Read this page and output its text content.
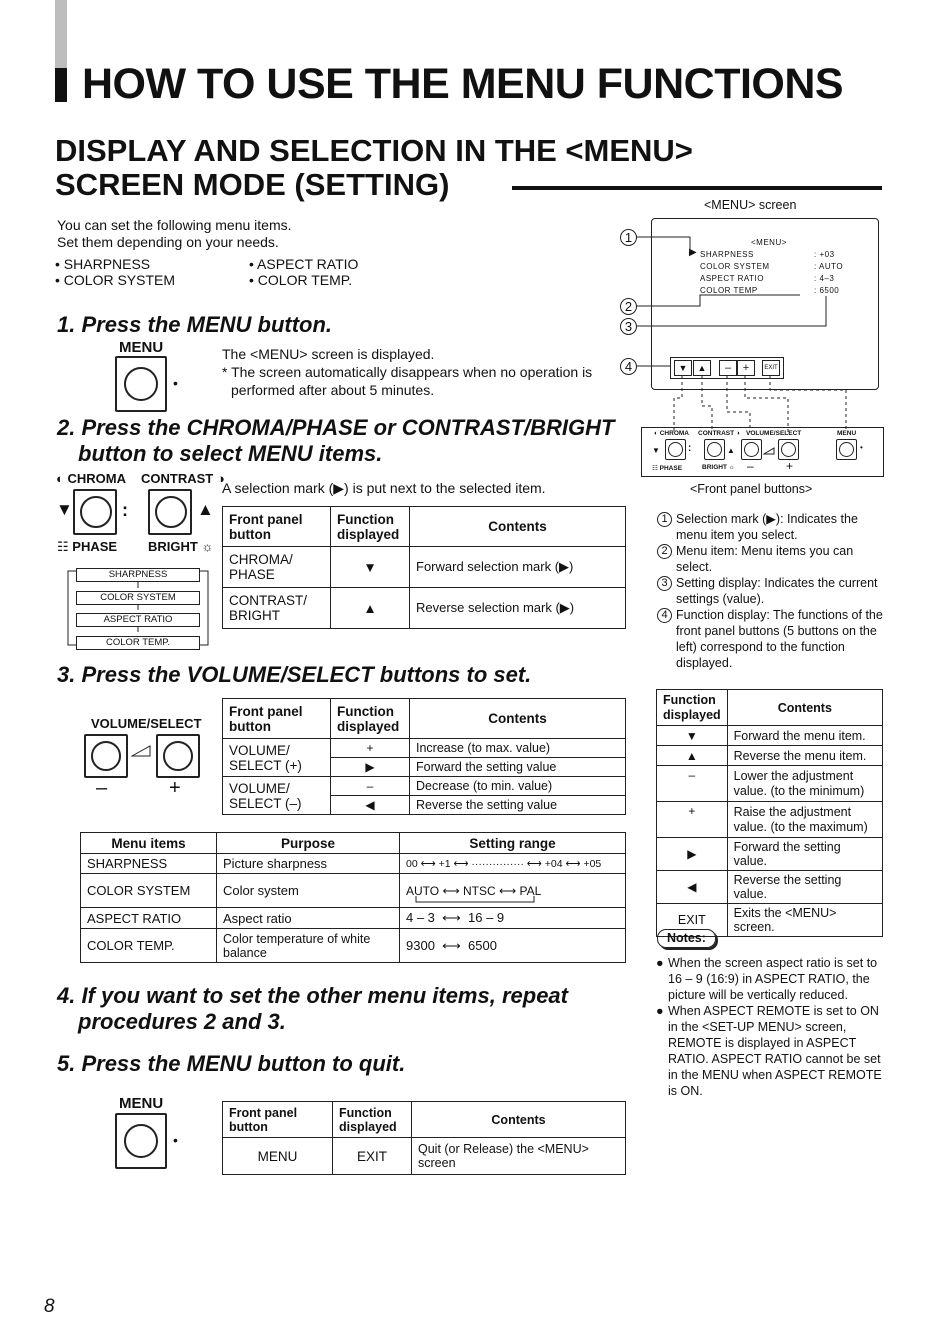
HOW TO USE THE MENU FUNCTIONS
DISPLAY AND SELECTION IN THE <MENU>
SCREEN MODE (SETTING)
You can set the following menu items.
Set them depending on your needs.
• SHARPNESS	• ASPECT RATIO
• COLOR SYSTEM	• COLOR TEMP.
1. Press the MENU button.
MENU
•
The <MENU> screen is displayed.
* The screen automatically disappears when no operation is
performed after about 5 minutes.
2. Press the CHROMA/PHASE or CONTRAST/BRIGHT
button to select MENU items.
◐ CHROMA CONTRAST ◑
▼	:	▲
☷ PHASE BRIGHT ☼
SHARPNESS
COLOR SYSTEM
ASPECT RATIO
COLOR TEMP.
A selection mark (▶) is put next to the selected item.
Front panel button	Function displayed	Contents
CHROMA/ PHASE	▼	Forward selection mark (▶)
CONTRAST/ BRIGHT	▲	Reverse selection mark (▶)
3. Press the VOLUME/SELECT buttons to set.
VOLUME/SELECT
–	+
Front panel button	Function displayed	Contents
VOLUME/ SELECT (+)	+	Increase (to max. value)
	▶	Forward the setting value
VOLUME/ SELECT (–)	–	Decrease (to min. value)
	◀	Reverse the setting value
Menu items	Purpose	Setting range
SHARPNESS	Picture sharpness	00 ⟷ +1 ⟷ ··············· ⟷ +04 ⟷ +05
COLOR SYSTEM	Color system	AUTO ⟷ NTSC ⟷ PAL

ASPECT RATIO	Aspect ratio	4 – 3  ⟷  16 – 9
COLOR TEMP.	Color temperature of white balance	9300  ⟷  6500
4. If you want to set the other menu items, repeat
procedures 2 and 3.
5. Press the MENU button to quit.
MENU
•
Front panel button	Function displayed	Contents
MENU	EXIT	Quit (or Release) the <MENU> screen
<MENU> screen
<MENU>
▶ SHARPNESS	: +03
COLOR SYSTEM	: AUTO
ASPECT RATIO	: 4–3
COLOR TEMP	: 6500
1
2
3
4	▼	▲	–	+	EXIT
◐ CHROMA CONTRAST ◑ VOLUME/SELECT	MENU
▼	:	▲	•
☷ PHASE	BRIGHT ☼ –	+
<Front panel buttons>
1 Selection mark (▶): Indicates the menu item you select.
2 Menu item: Menu items you can select.
3 Setting display: Indicates the current settings (value).
4 Function display: The functions of the front panel buttons (5 buttons on the left) correspond to the function displayed.
Function displayed	Contents
▼	Forward the menu item.
▲	Reverse the menu item.
–	Lower the adjustment value. (to the minimum)
+	Raise the adjustment value. (to the maximum)
▶	Forward the setting value.
◀	Reverse the setting value.
EXIT	Exits the <MENU> screen.
Notes:
● When the screen aspect ratio is set to 16 – 9 (16:9) in ASPECT RATIO, the picture will be vertically reduced.
● When ASPECT REMOTE is set to ON in the <SET-UP MENU> screen, REMOTE is displayed in ASPECT RATIO. ASPECT RATIO cannot be set in the MENU when ASPECT REMOTE is ON.
8
